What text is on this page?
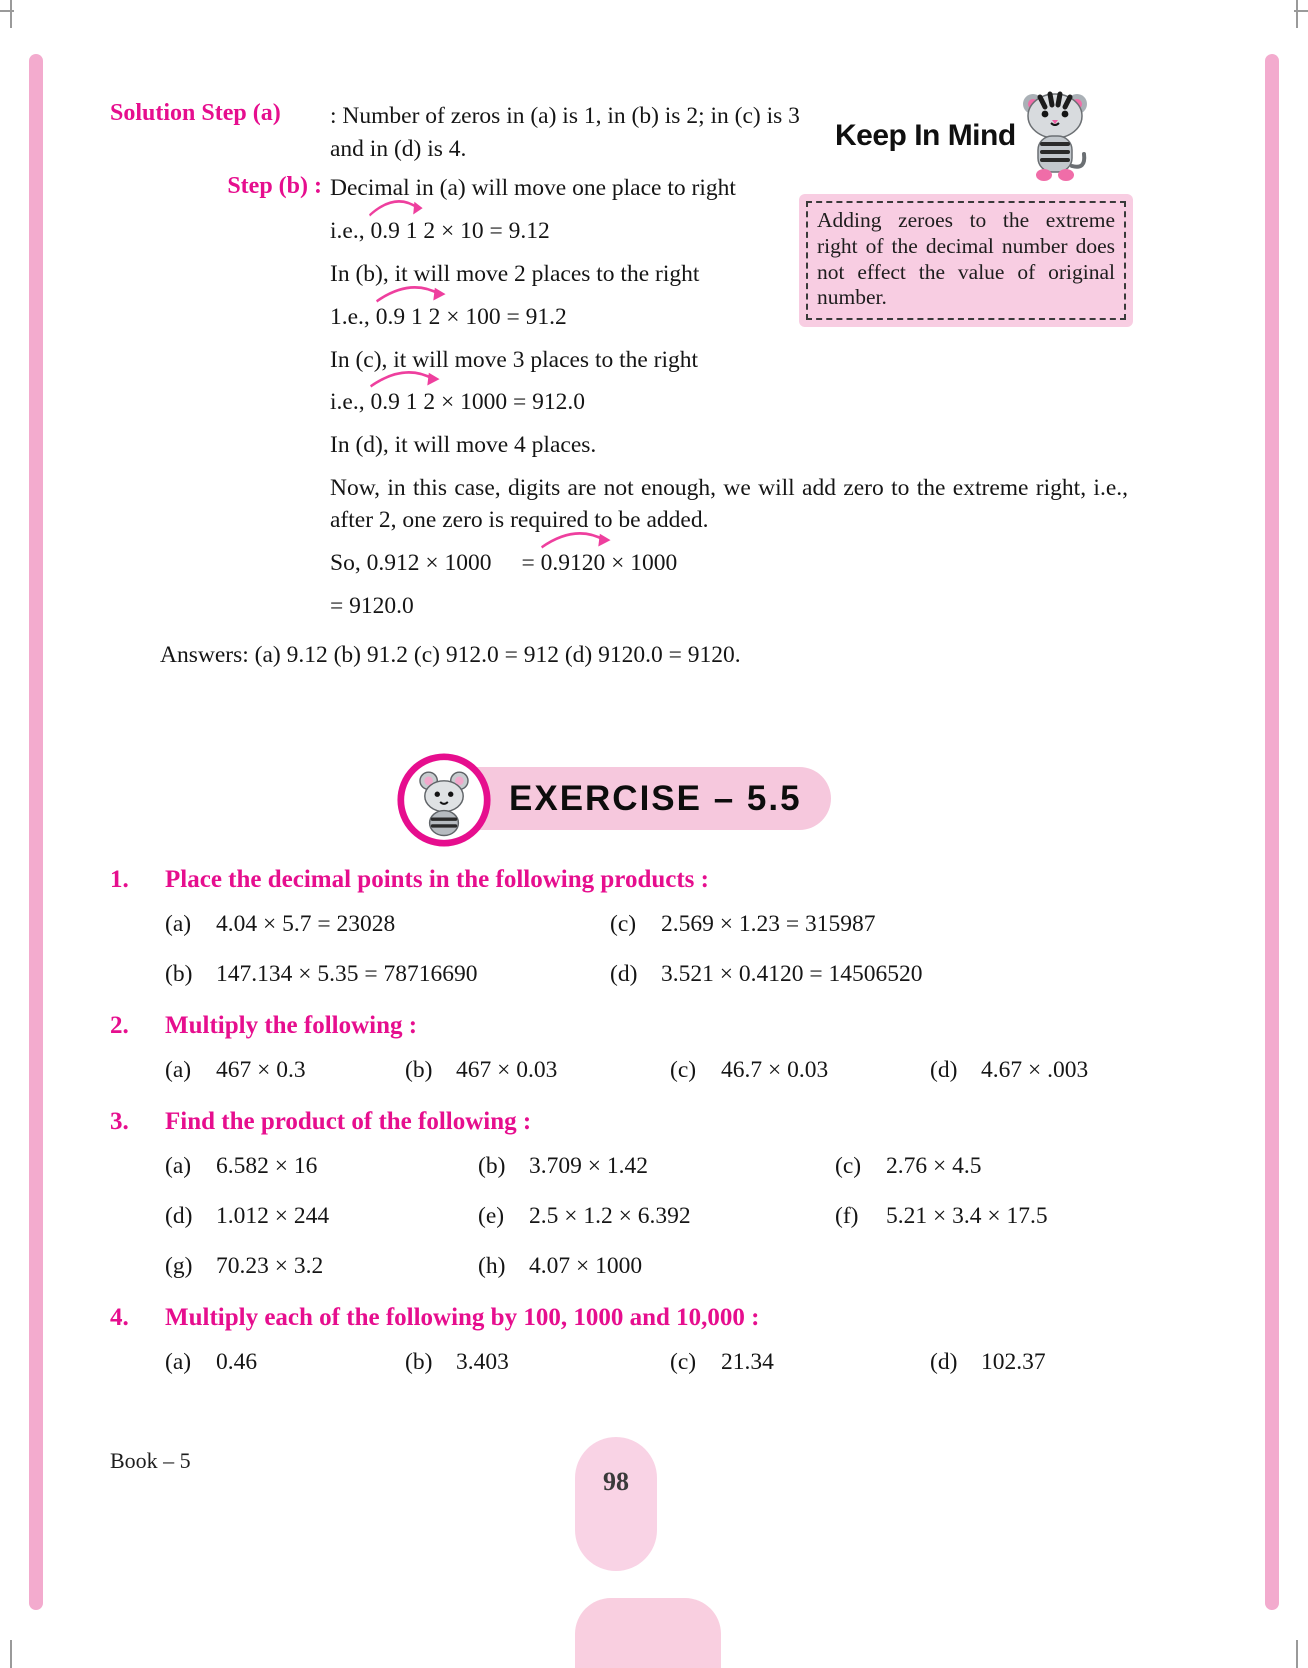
Keep In Mind
Adding zeroes to the extreme right of the decimal number does not effect the value of original number.
Solution Step (a)	: Number of zeros in (a) is 1, in (b) is 2; in (c) is 3 and in (d) is 4.
Step (b) : Decimal in (a) will move one place to right

i.e.,
0.9 1 2 × 10 = 9.12

In (b), it will move 2 places to the right

1.e.,
0.9 1 2 × 100 = 91.2

In (c), it will move 3 places to the right

i.e.,
0.9 1 2 × 1000 = 912.0

In (d), it will move 4 places.

Now, in this case, digits are not enough, we will add zero to the extreme right, i.e., after 2, one zero is required to be added.

So, 0.912 × 1000 =
0.9120 × 1000

= 9120.0

Answers: (a) 9.12 (b) 91.2 (c) 912.0 = 912 (d) 9120.0 = 9120.
EXERCISE – 5.5
1.	Place the decimal points in the following products :
(a) 4.04 × 5.7 = 23028	(c) 2.569 × 1.23 = 315987
(b) 147.134 × 5.35 = 78716690	(d) 3.521 × 0.4120 = 14506520
2.	Multiply the following :
(a) 467 × 0.3	(b) 467 × 0.03	(c) 46.7 × 0.03	(d) 4.67 × .003
3.	Find the product of the following :
(a) 6.582 × 16	(b) 3.709 × 1.42	(c) 2.76 × 4.5
(d) 1.012 × 244	(e) 2.5 × 1.2 × 6.392	(f)	5.21 × 3.4 × 17.5
(g) 70.23 × 3.2	(h) 4.07 × 1000
4.	Multiply each of the following by 100, 1000 and 10,000 :
(a) 0.46	(b) 3.403	(c) 21.34	(d) 102.37
Book – 5
98
